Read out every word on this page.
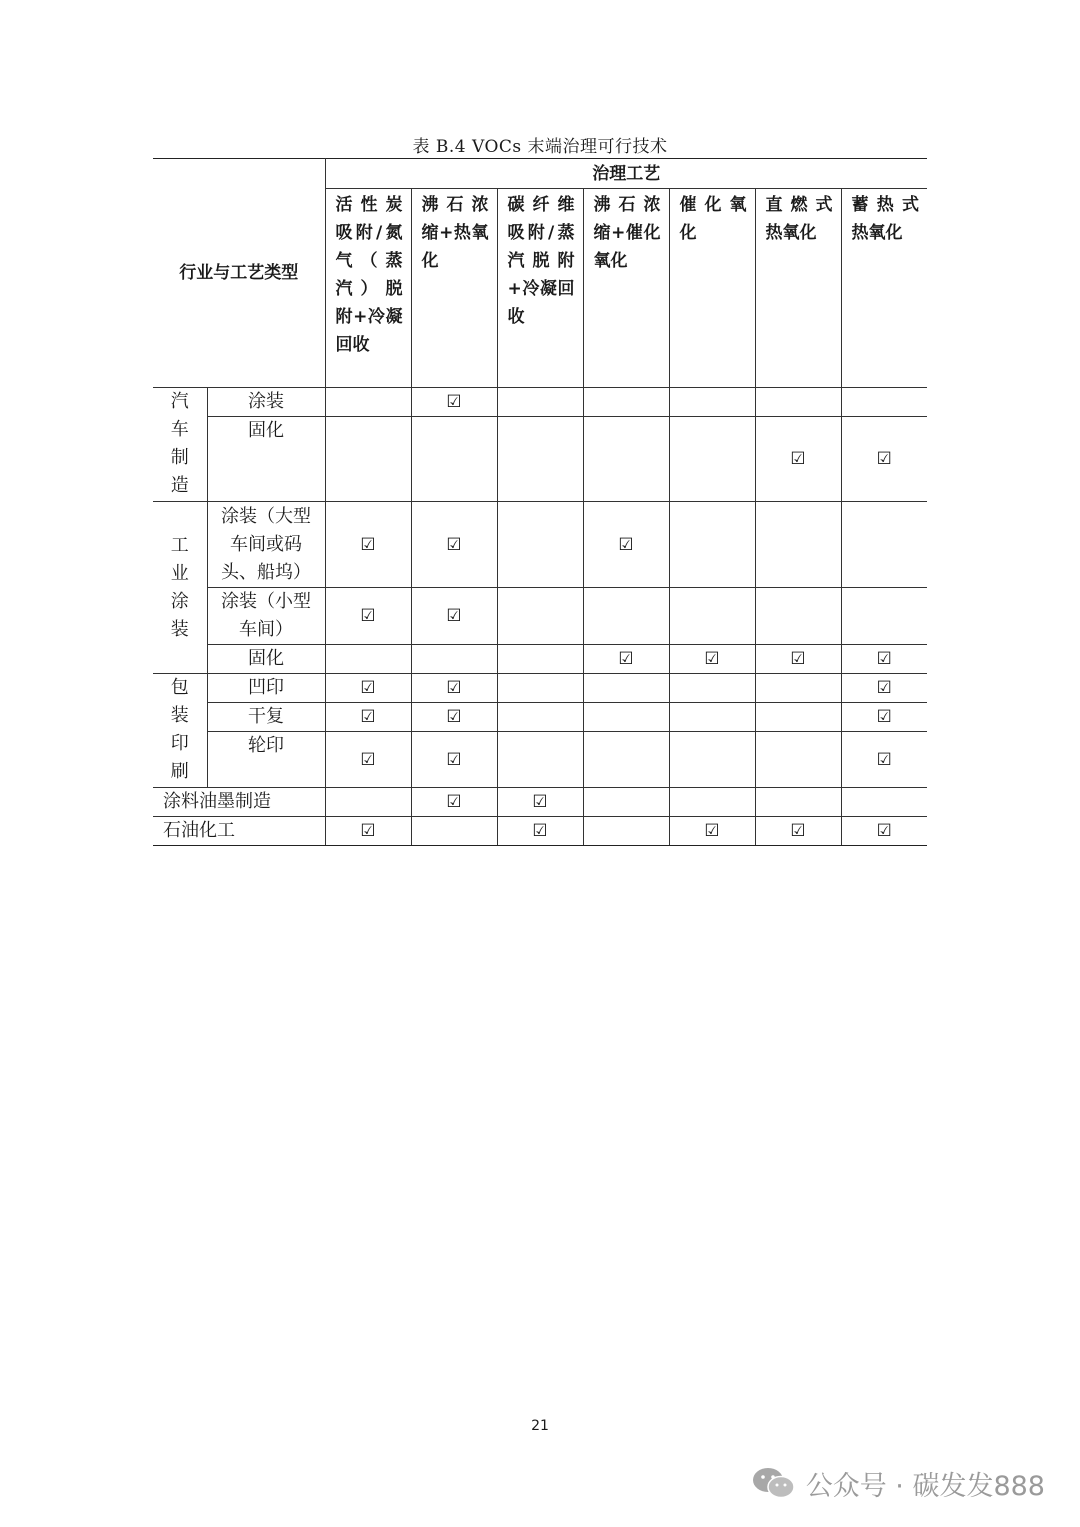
表 B.4 VOCs 末端治理可行技术
行业与工艺类型		治理工艺						
		活性炭吸附/氮气（蒸汽）脱附+冷凝回收	沸石浓缩+热氧化	碳纤维吸附/蒸汽脱附+冷凝回收	沸石浓缩+催化氧化	催化氧化	直燃式热氧化	蓄热式热氧化
汽车制造	涂装		☑					
	固化						☑	☑
工业涂装	涂装（大型车间或码头、船坞）	☑	☑		☑			
	涂装（小型车间）	☑	☑					
	固化				☑	☑	☑	☑
包装印刷	凹印	☑	☑					☑
	干复	☑	☑					☑
	轮印	☑	☑					☑
涂料油墨制造			☑	☑				
石油化工		☑		☑		☑	☑	☑
21
公众号 · 碳发发888
